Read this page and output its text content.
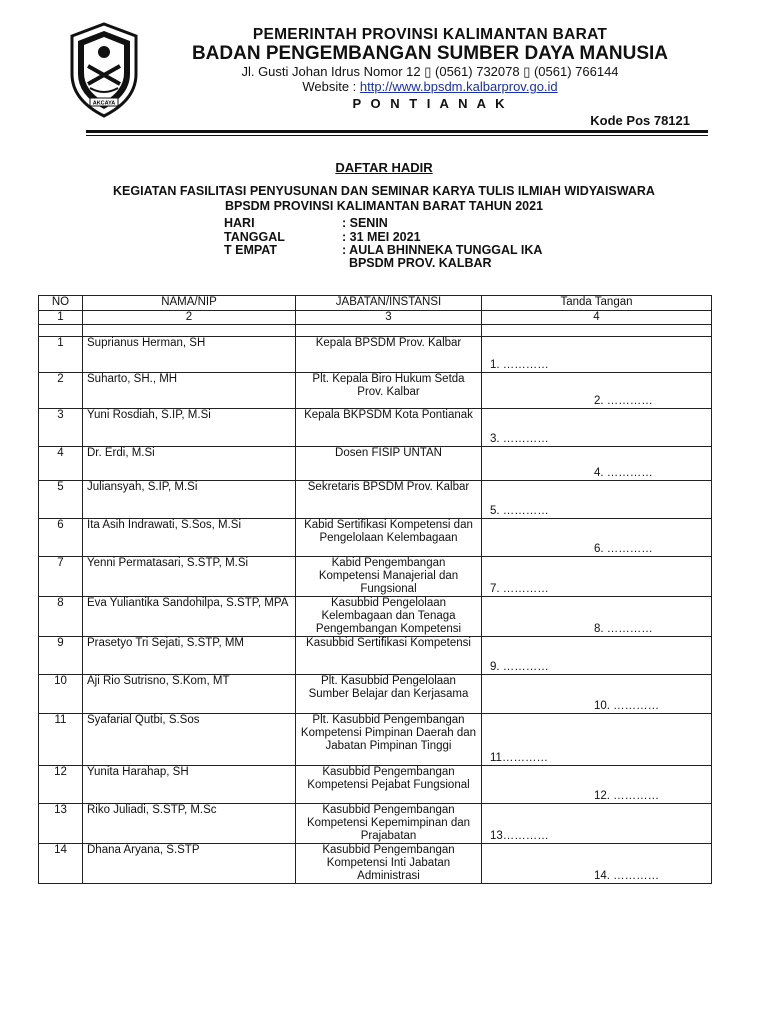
AKCAYA
PEMERINTAH PROVINSI KALIMANTAN BARAT
BADAN PENGEMBANGAN SUMBER DAYA MANUSIA
Jl. Gusti Johan Idrus Nomor 12 ▯ (0561) 732078 ▯ (0561) 766144
Website : http://www.bpsdm.kalbarprov.go.id
P O N T I A N A K
Kode Pos 78121
DAFTAR HADIR
KEGIATAN FASILITASI PENYUSUNAN DAN SEMINAR KARYA TULIS ILMIAH WIDYAISWARA
BPSDM PROVINSI KALIMANTAN BARAT TAHUN 2021
HARI	: SENIN
TANGGAL	: 31 MEI 2021
T EMPAT	: AULA BHINNEKA TUNGGAL IKA
BPSDM PROV. KALBAR
NO	NAMA/NIP	JABATAN/INSTANSI	Tanda Tangan
1	2	3	4

1	Suprianus Herman, SH	Kepala BPSDM Prov. Kalbar	1. …………

2	Suharto, SH., MH	Plt. Kepala Biro Hukum Setda Prov. Kalbar	2. …………

3	Yuni Rosdiah, S.IP, M.Si	Kepala BKPSDM Kota Pontianak	3. …………

4	Dr. Erdi, M.Si	Dosen FISIP UNTAN	4. …………

5	Juliansyah, S.IP, M.Si	Sekretaris BPSDM Prov. Kalbar	5. …………

6	Ita Asih Indrawati, S.Sos, M.Si	Kabid Sertifikasi Kompetensi dan Pengelolaan Kelembagaan	6. …………

7	Yenni Permatasari, S.STP, M.Si	Kabid Pengembangan Kompetensi Manajerial dan Fungsional	7. …………

8	Eva Yuliantika Sandohilpa, S.STP, MPA	Kasubbid Pengelolaan Kelembagaan dan Tenaga Pengembangan Kompetensi	8. …………

9	Prasetyo Tri Sejati, S.STP, MM	Kasubbid Sertifikasi Kompetensi	9. …………

10	Aji Rio Sutrisno, S.Kom, MT	Plt. Kasubbid Pengelolaan Sumber Belajar dan Kerjasama	10. …………

11	Syafarial Qutbi, S.Sos	Plt. Kasubbid Pengembangan Kompetensi Pimpinan Daerah dan Jabatan Pimpinan Tinggi	11…………

12	Yunita Harahap, SH	Kasubbid Pengembangan Kompetensi Pejabat Fungsional	12. …………

13	Riko Juliadi, S.STP, M.Sc	Kasubbid Pengembangan Kompetensi Kepemimpinan dan Prajabatan	13…………

14	Dhana Aryana, S.STP	Kasubbid Pengembangan Kompetensi Inti Jabatan Administrasi	14. …………
